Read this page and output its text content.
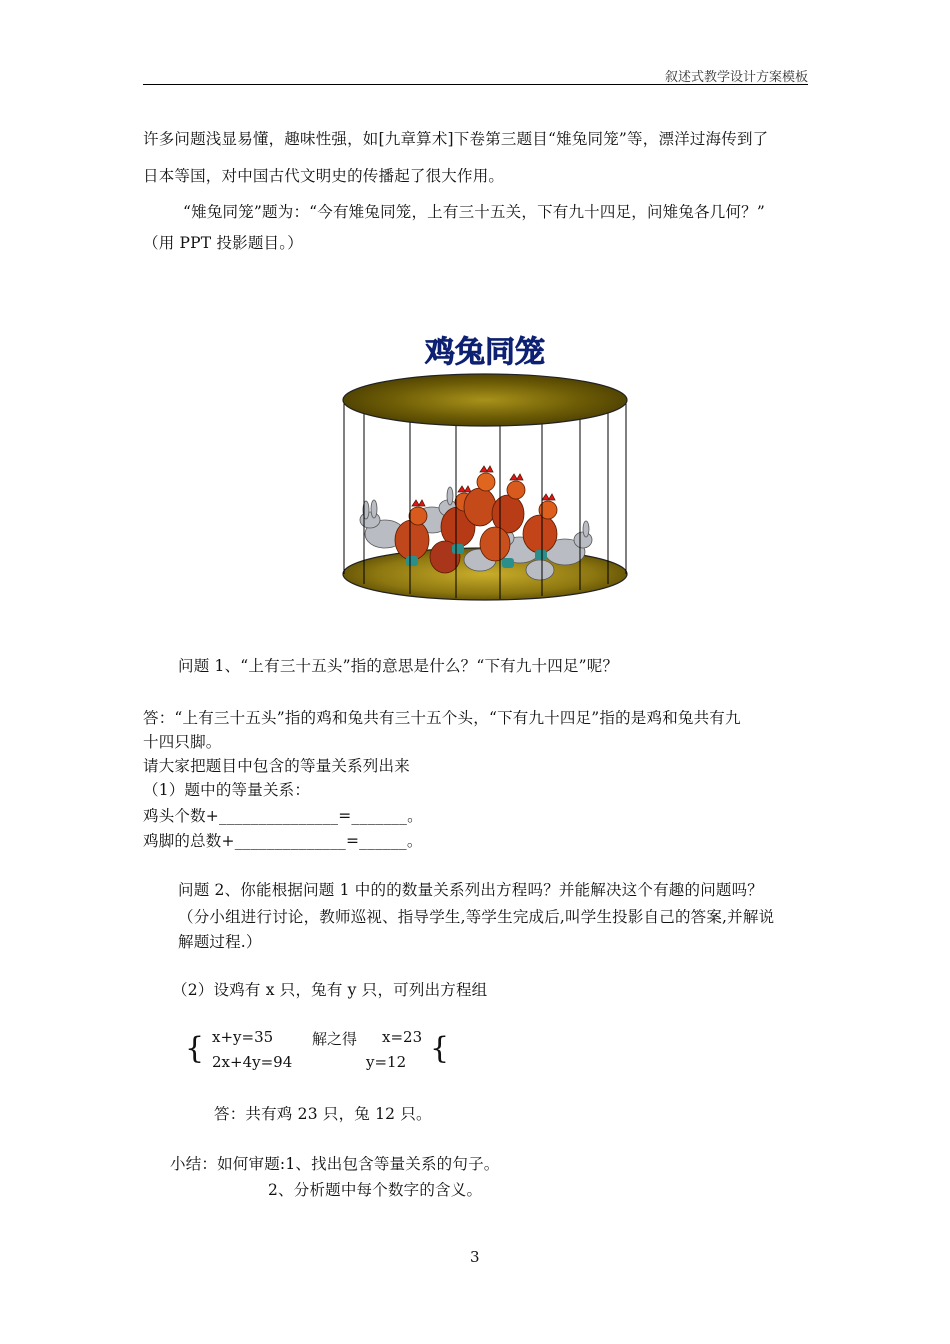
叙述式教学设计方案模板
许多问题浅显易懂，趣味性强，如[九章算术]下卷第三题目“雉兔同笼”等，漂洋过海传到了
日本等国，对中国古代文明史的传播起了很大作用。
“雉兔同笼”题为：“今有雉兔同笼，上有三十五关，下有九十四足，问雉兔各几何？”
（用 PPT 投影题目。）
鸡兔同笼
问题 1、“上有三十五头”指的意思是什么？“下有九十四足”呢？
答：“上有三十五头”指的鸡和兔共有三十五个头，“下有九十四足”指的是鸡和兔共有九
十四只脚。
请大家把题目中包含的等量关系列出来
（1）题中的等量关系：
鸡头个数+_______________=_______。
鸡脚的总数+______________=______。
问题 2、你能根据问题 1 中的的数量关系列出方程吗？并能解决这个有趣的问题吗？
（分小组进行讨论，教师巡视、指导学生,等学生完成后,叫学生投影自己的答案,并解说
解题过程.）
（2）设鸡有 x 只，兔有 y 只，可列出方程组
{ x+y=35
2x+4y=94
解之得 x=23
y=12 {
答：共有鸡 23 只，兔 12 只。
小结：如何审题:1、找出包含等量关系的句子。
2、分析题中每个数字的含义。
3
